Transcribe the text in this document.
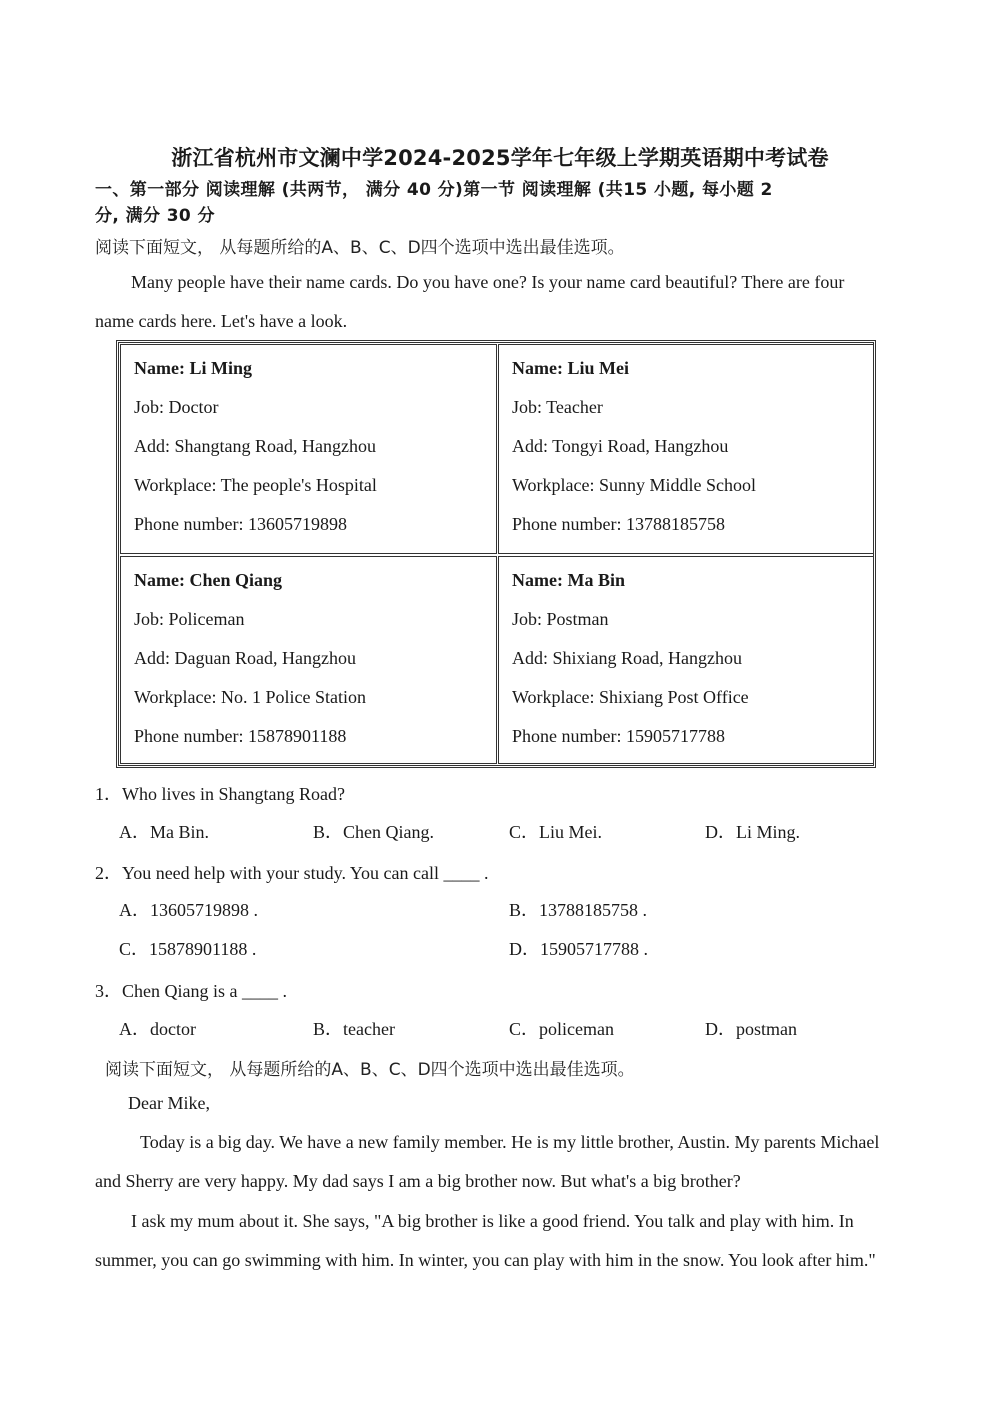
浙江省杭州市文澜中学2024-2025学年七年级上学期英语期中考试卷
一、第一部分 阅读理解 (共两节， 满分 40 分)第一节 阅读理解 (共15 小题, 每小题 2
分, 满分 30 分
阅读下面短文， 从每题所给的A、B、C、D四个选项中选出最佳选项。
Many people have their name cards. Do you have one? Is your name card beautiful? There are four
name cards here. Let's have a look.
Name: Li Ming
Job: Doctor
Add: Shangtang Road, Hangzhou
Workplace: The people's Hospital
Phone number: 13605719898
Name: Liu Mei
Job: Teacher
Add: Tongyi Road, Hangzhou
Workplace: Sunny Middle School
Phone number: 13788185758
Name: Chen Qiang
Job: Policeman
Add: Daguan Road, Hangzhou
Workplace: No. 1 Police Station
Phone number: 15878901188
Name: Ma Bin
Job: Postman
Add: Shixiang Road, Hangzhou
Workplace: Shixiang Post Office
Phone number: 15905717788
1．Who lives in Shangtang Road?
A．Ma Bin.	B．Chen Qiang.	C．Liu Mei.	D．Li Ming.
2．You need help with your study. You can call ____ .
A．13605719898 .	B．13788185758 .
C．15878901188 .	D．15905717788 .
3．Chen Qiang is a ____ .
A．doctor	B．teacher	C．policeman	D．postman
阅读下面短文， 从每题所给的A、B、C、D四个选项中选出最佳选项。
Dear Mike,
Today is a big day. We have a new family member. He is my little brother, Austin. My parents Michael
and Sherry are very happy. My dad says I am a big brother now. But what's a big brother?
I ask my mum about it. She says, "A big brother is like a good friend. You talk and play with him. In
summer, you can go swimming with him. In winter, you can play with him in the snow. You look after him."
